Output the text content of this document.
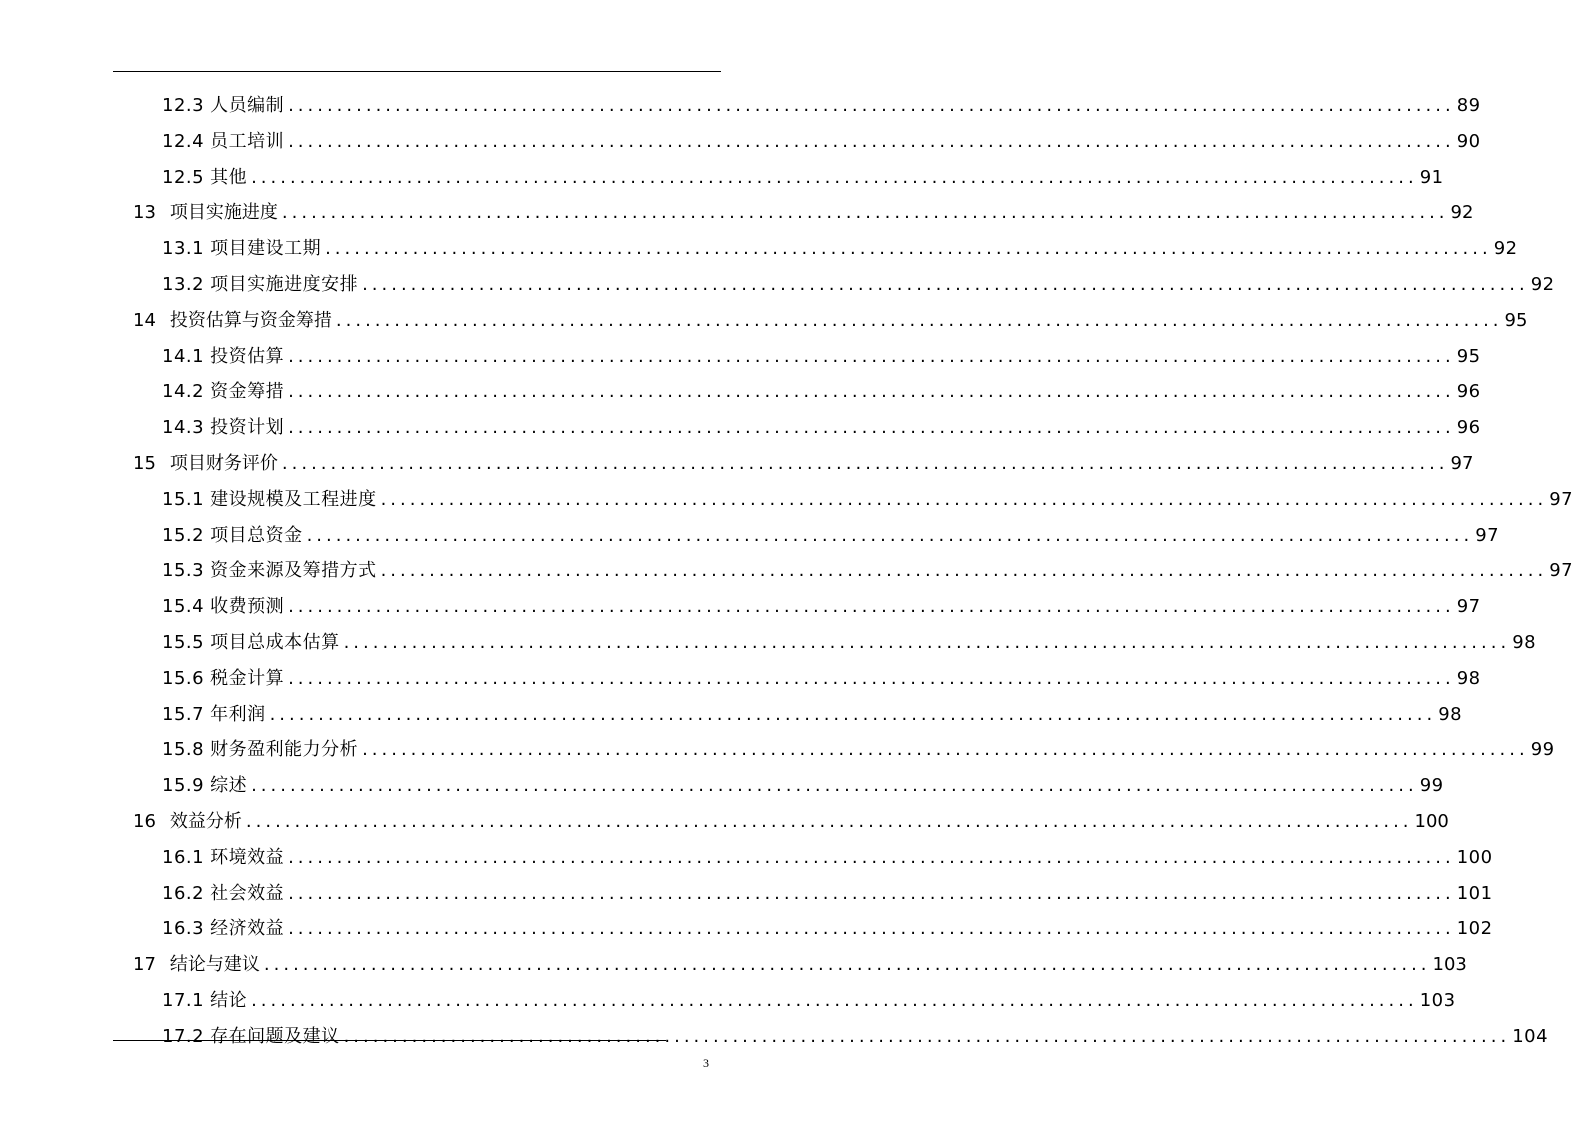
12.3 人员编制 ........................................................................................................................ 89
12.4 员工培训 ........................................................................................................................ 90
12.5 其他 ........................................................................................................................ 91
13 项目实施进度 ........................................................................................................................ 92
13.1 项目建设工期 ........................................................................................................................ 92
13.2 项目实施进度安排 ........................................................................................................................ 92
14 投资估算与资金筹措 ........................................................................................................................ 95
14.1 投资估算 ........................................................................................................................ 95
14.2 资金筹措 ........................................................................................................................ 96
14.3 投资计划 ........................................................................................................................ 96
15 项目财务评价 ........................................................................................................................ 97
15.1 建设规模及工程进度 ........................................................................................................................ 97
15.2 项目总资金 ........................................................................................................................ 97
15.3 资金来源及筹措方式 ........................................................................................................................ 97
15.4 收费预测 ........................................................................................................................ 97
15.5 项目总成本估算 ........................................................................................................................ 98
15.6 税金计算 ........................................................................................................................ 98
15.7 年利润 ........................................................................................................................ 98
15.8 财务盈利能力分析 ........................................................................................................................ 99
15.9 综述 ........................................................................................................................ 99
16 效益分析 ........................................................................................................................ 100
16.1 环境效益 ........................................................................................................................ 100
16.2 社会效益 ........................................................................................................................ 101
16.3 经济效益 ........................................................................................................................ 102
17 结论与建议 ........................................................................................................................ 103
17.1 结论 ........................................................................................................................ 103
17.2 存在问题及建议 ........................................................................................................................ 104
3
